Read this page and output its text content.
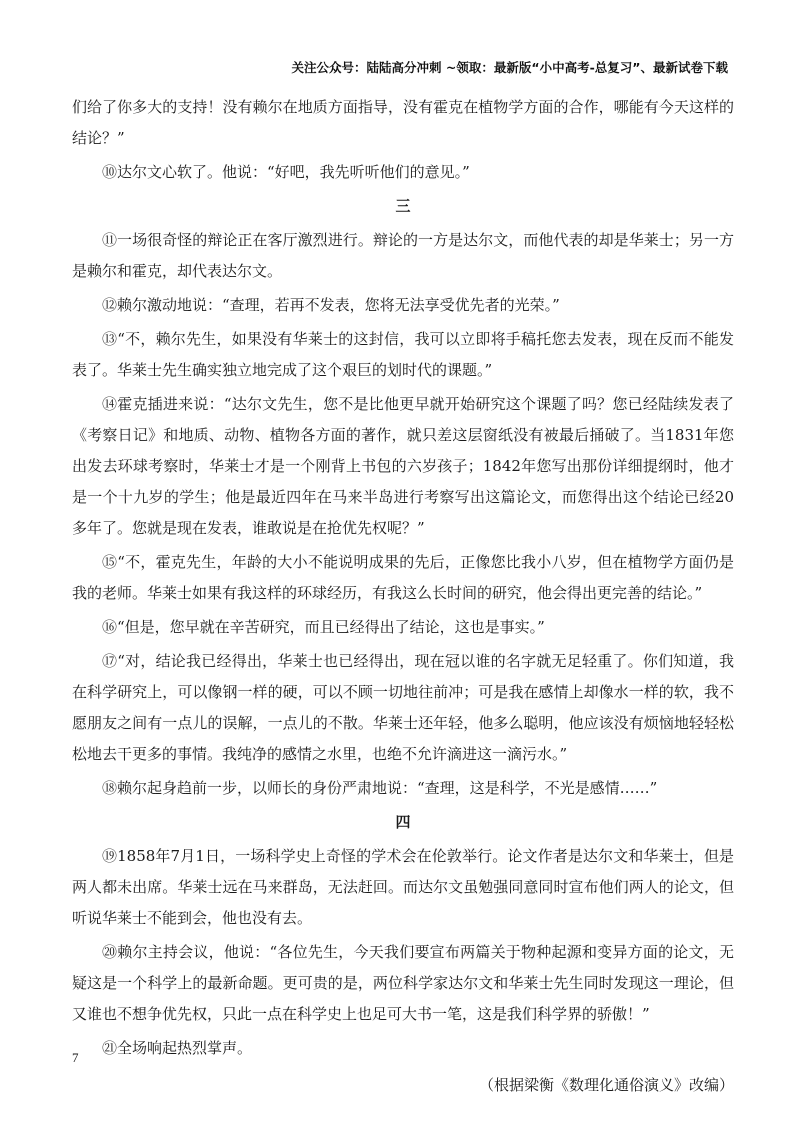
关注公众号：陆陆高分冲刺 ~领取：最新版“小中高考-总复习”、最新试卷下载
们给了你多大的支持！没有赖尔在地质方面指导，没有霍克在植物学方面的合作，哪能有今天这样的结论？”
⑩达尔文心软了。他说：“好吧，我先听听他们的意见。”
三
⑪一场很奇怪的辩论正在客厅激烈进行。辩论的一方是达尔文，而他代表的却是华莱士；另一方是赖尔和霍克，却代表达尔文。
⑫赖尔激动地说：“查理，若再不发表，您将无法享受优先者的光荣。”
⑬“不，赖尔先生，如果没有华莱士的这封信，我可以立即将手稿托您去发表，现在反而不能发表了。华莱士先生确实独立地完成了这个艰巨的划时代的课题。”
⑭霍克插进来说：“达尔文先生，您不是比他更早就开始研究这个课题了吗？您已经陆续发表了《考察日记》和地质、动物、植物各方面的著作，就只差这层窗纸没有被最后捅破了。当1831年您出发去环球考察时，华莱士才是一个刚背上书包的六岁孩子；1842年您写出那份详细提纲时，他才是一个十九岁的学生；他是最近四年在马来半岛进行考察写出这篇论文，而您得出这个结论已经20多年了。您就是现在发表，谁敢说是在抢优先权呢？”
⑮“不，霍克先生，年龄的大小不能说明成果的先后，正像您比我小八岁，但在植物学方面仍是我的老师。华莱士如果有我这样的环球经历，有我这么长时间的研究，他会得出更完善的结论。”
⑯“但是，您早就在辛苦研究，而且已经得出了结论，这也是事实。”
⑰“对，结论我已经得出，华莱士也已经得出，现在冠以谁的名字就无足轻重了。你们知道，我在科学研究上，可以像钢一样的硬，可以不顾一切地往前冲；可是我在感情上却像水一样的软，我不愿朋友之间有一点儿的误解，一点儿的不散。华莱士还年轻，他多么聪明，他应该没有烦恼地轻轻松松地去干更多的事情。我纯净的感情之水里，也绝不允许滴进这一滴污水。”
⑱赖尔起身趋前一步，以师长的身份严肃地说：“查理，这是科学，不光是感情……”
四
⑲1858年7月1日，一场科学史上奇怪的学术会在伦敦举行。论文作者是达尔文和华莱士，但是两人都未出席。华莱士远在马来群岛，无法赶回。而达尔文虽勉强同意同时宣布他们两人的论文，但听说华莱士不能到会，他也没有去。
⑳赖尔主持会议，他说：“各位先生，今天我们要宣布两篇关于物种起源和变异方面的论文，无疑这是一个科学上的最新命题。更可贵的是，两位科学家达尔文和华莱士先生同时发现这一理论，但又谁也不想争优先权，只此一点在科学史上也足可大书一笔，这是我们科学界的骄傲！”
㉑全场响起热烈掌声。
（根据梁衡《数理化通俗演义》改编）
7
